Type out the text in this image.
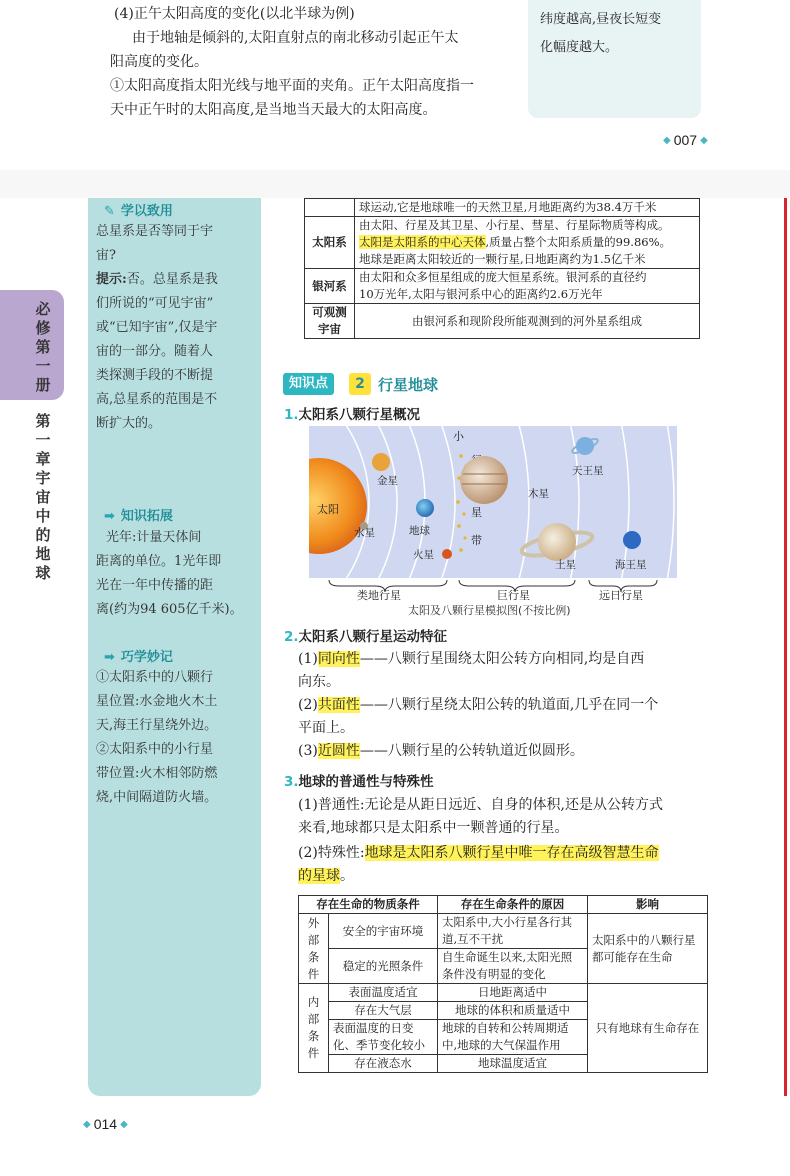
(4)正午太阳高度的变化(以北半球为例)
由于地轴是倾斜的,太阳直射点的南北移动引起正午太
阳高度的变化。
①太阳高度指太阳光线与地平面的夹角。正午太阳高度指一
天中正午时的太阳高度,是当地当天最大的太阳高度。
纬度越高,昼夜长短变
化幅度越大。
◆ 007 ◆
必修第一册
第一章 宇宙中的地球
✎ 学以致用
总星系是否等同于宇
宙?
提示:否。总星系是我
们所说的“可见宇宙”
或“已知宇宙”,仅是宇
宙的一部分。随着人
类探测手段的不断提
高,总星系的范围是不
断扩大的。
➡ 知识拓展
光年:计量天体间
距离的单位。1光年即
光在一年中传播的距
离(约为94 605亿千米)。
➡ 巧学妙记
①太阳系中的八颗行
星位置:水金地火木土
天,海王行星绕外边。
②太阳系中的小行星
带位置:火木相邻防燃
烧,中间隔道防火墙。
	球运动,它是地球唯一的天然卫星,月地距离约为38.4万千米
太阳系	由太阳、行星及其卫星、小行星、彗星、行星际物质等构成。
太阳是太阳系的中心天体,质量占整个太阳系质量的99.86%。
地球是距离太阳较近的一颗行星,日地距离约为1.5亿千米

银河系	由太阳和众多恒星组成的庞大恒星系统。银河系的直径约
10万光年,太阳与银河系中心的距离约2.6万光年

可观测
宇宙	由银河系和现阶段所能观测到的河外星系组成
知识点	2 行星地球
1.太阳系八颗行星概况
太阳
水星
金星
地球
火星
小
星
带
木星
土星
天王星
海王星
类地行星	巨行星	远日行星
太阳及八颗行星模拟图(不按比例)
2.太阳系八颗行星运动特征
(1)同向性——八颗行星围绕太阳公转方向相同,均是自西
向东。
(2)共面性——八颗行星绕太阳公转的轨道面,几乎在同一个
平面上。
(3)近圆性——八颗行星的公转轨道近似圆形。
3.地球的普通性与特殊性
(1)普通性:无论是从距日远近、自身的体积,还是从公转方式
来看,地球都只是太阳系中一颗普通的行星。
(2)特殊性:地球是太阳系八颗行星中唯一存在高级智慧生命
的星球。
存在生命的物质条件		存在生命条件的原因	影响
外部条件	安全的宇宙环境	太阳系中,大小行星各行其道,互不干扰	太阳系中的八颗行星都可能存在生命
	稳定的光照条件	自生命诞生以来,太阳光照条件没有明显的变化	
内部条件	表面温度适宜	日地距离适中	只有地球有生命存在
	存在大气层	地球的体积和质量适中	
	表面温度的日变化、季节变化较小	地球的自转和公转周期适中,地球的大气保温作用	
	存在液态水	地球温度适宜	
◆ 014 ◆
